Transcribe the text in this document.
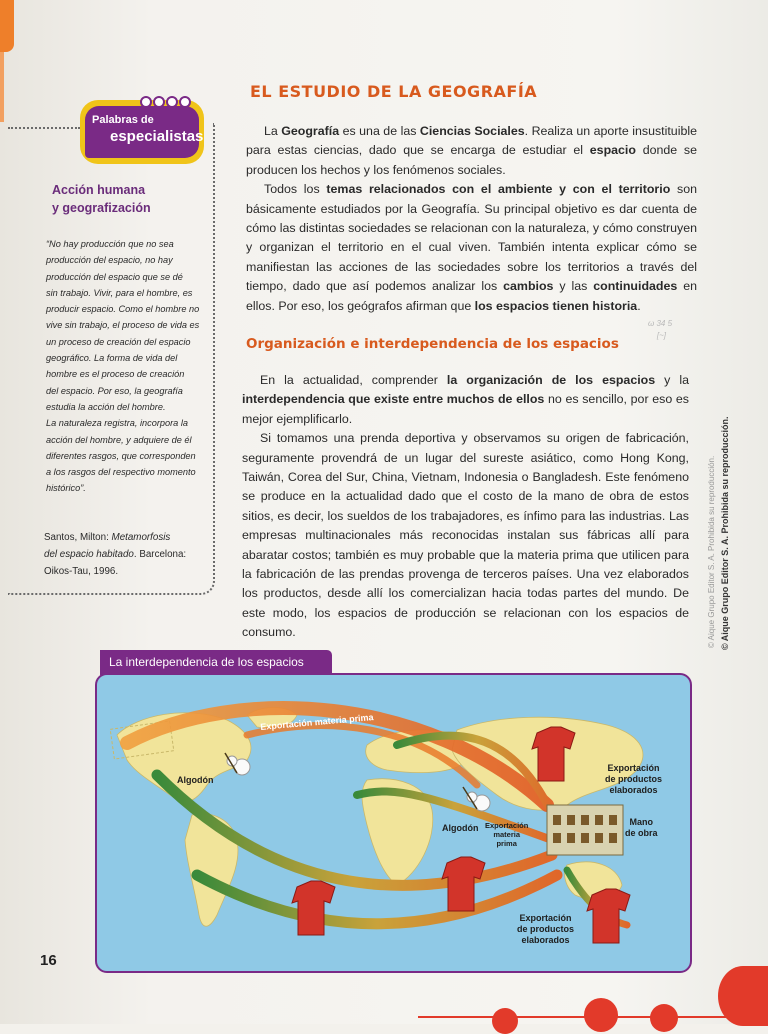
Palabras de
especialistas
Acción humana
y geografización

“No hay producción que no sea

producción del espacio, no hay

producción del espacio que se dé

sin trabajo. Vivir, para el hombre, es

producir espacio. Como el hombre no

vive sin trabajo, el proceso de vida es

un proceso de creación del espacio

geográfico. La forma de vida del

hombre es el proceso de creación

del espacio. Por eso, la geografía

estudia la acción del hombre.

La naturaleza registra, incorpora la

acción del hombre, y adquiere de él

diferentes rasgos, que corresponden

a los rasgos del respectivo momento

histórico”.

Santos, Milton: Metamorfosis
del espacio habitado. Barcelona:
Oikos-Tau, 1996.
EL ESTUDIO DE LA GEOGRAFÍA

La Geografía es una de las Ciencias Sociales. Realiza un aporte insustituible para estas ciencias, dado que se encarga de estudiar el espacio donde se producen los hechos y los fenómenos sociales.

Todos los temas relacionados con el ambiente y con el territorio son básicamente estudiados por la Geografía. Su principal objetivo es dar cuenta de cómo las distintas sociedades se relacionan con la naturaleza, y cómo construyen y organizan el territorio en el cual viven. También intenta explicar cómo se manifiestan las acciones de las sociedades sobre los territorios a través del tiempo, dado que así podemos analizar los cambios y las continuidades en ellos. Por eso, los geógrafos afirman que los espacios tienen historia.

ω 34 5
[~]
Organización e interdependencia de los espacios

En la actualidad, comprender la organización de los espacios y la interdependencia que existe entre muchos de ellos no es sencillo, por eso es mejor ejemplificarlo.

Si tomamos una prenda deportiva y observamos su origen de fabricación, seguramente provendrá de un lugar del sureste asiático, como Hong Kong, Taiwán, Corea del Sur, China, Vietnam, Indonesia o Bangladesh. Este fenómeno se produce en la actualidad dado que el costo de la mano de obra de estos sitios, es decir, los sueldos de los trabajadores, es ínfimo para las industrias. Las empresas multinacionales más reconocidas instalan sus fábricas allí para abaratar costos; también es muy probable que la materia prima que utilicen para la fabricación de las prendas provenga de terceros países. Una vez elaborados los productos, desde allí los comercializan hacia todas partes del mundo. De este modo, los espacios de producción se relacionan con los espacios de consumo.	© Aique Grupo Editor S. A. Prohibida su reproducción. © Aique Grupo Editor S. A. Prohibida su reproducción.
La interdependencia de los espacios
Exportación materia prima
Algodón
Algodón Exportación
materia
prima
Exportación
de productos
elaborados
Mano
de obra
Exportación
de productos
elaborados
16
